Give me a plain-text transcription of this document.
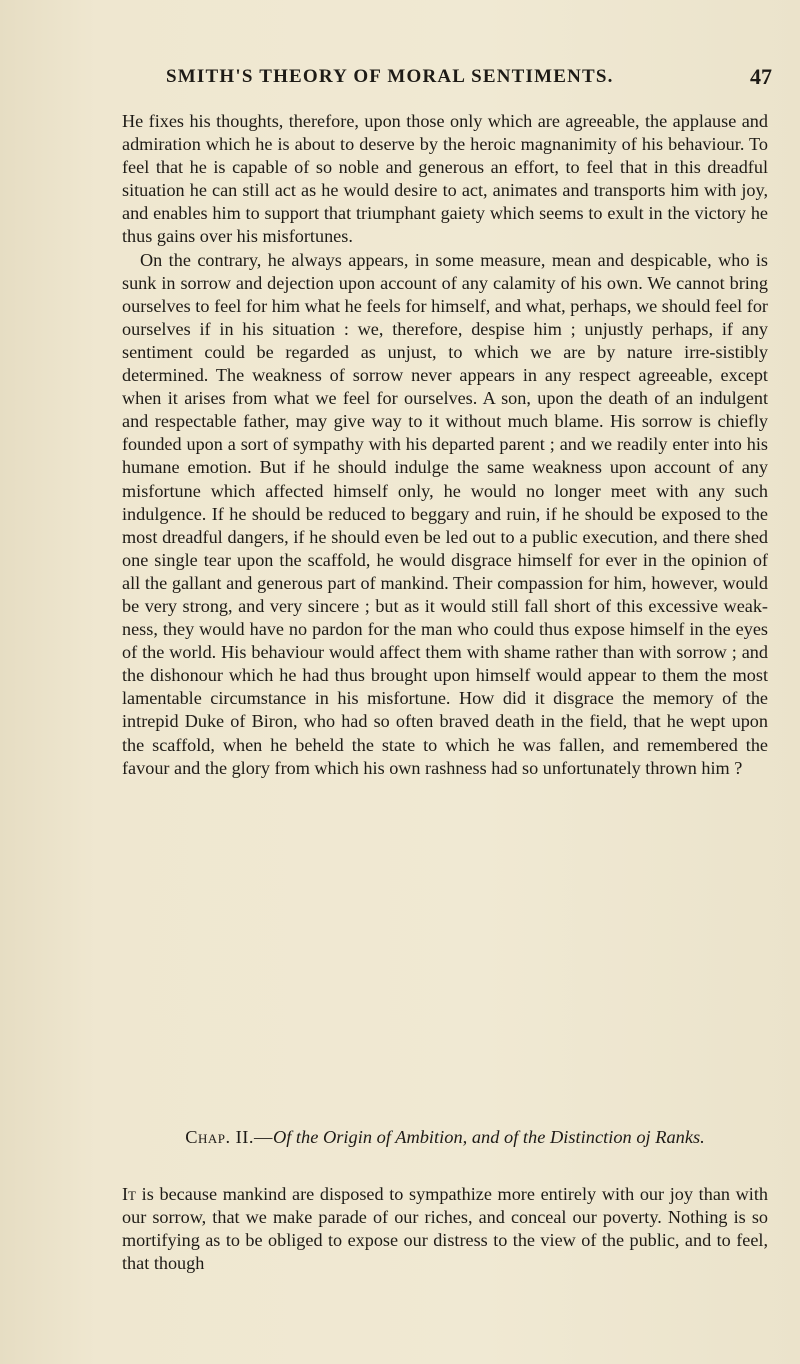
SMITH'S THEORY OF MORAL SENTIMENTS.	47

He fixes his thoughts, therefore, upon those only which are agreeable, the applause and admiration which he is about to deserve by the heroic magnanimity of his behaviour. To feel that he is capable of so noble and generous an effort, to feel that in this dreadful situation he can still act as he would desire to act, animates and transports him with joy, and enables him to support that triumphant gaiety which seems to exult in the victory he thus gains over his misfortunes.

On the contrary, he always appears, in some measure, mean and despicable, who is sunk in sorrow and dejection upon account of any calamity of his own. We cannot bring ourselves to feel for him what he feels for himself, and what, perhaps, we should feel for ourselves if in his situation : we, therefore, despise him ; unjustly perhaps, if any sentiment could be regarded as unjust, to which we are by nature irre-sistibly determined. The weakness of sorrow never appears in any respect agreeable, except when it arises from what we feel for ourselves. A son, upon the death of an indulgent and respectable father, may give way to it without much blame. His sorrow is chiefly founded upon a sort of sympathy with his departed parent ; and we readily enter into his humane emotion. But if he should indulge the same weakness upon account of any misfortune which affected himself only, he would no longer meet with any such indulgence. If he should be reduced to beggary and ruin, if he should be exposed to the most dreadful dangers, if he should even be led out to a public execution, and there shed one single tear upon the scaffold, he would disgrace himself for ever in the opinion of all the gallant and generous part of mankind. Their compassion for him, however, would be very strong, and very sincere ; but as it would still fall short of this excessive weak-ness, they would have no pardon for the man who could thus expose himself in the eyes of the world. His behaviour would affect them with shame rather than with sorrow ; and the dishonour which he had thus brought upon himself would appear to them the most lamentable circumstance in his misfortune. How did it disgrace the memory of the intrepid Duke of Biron, who had so often braved death in the field, that he wept upon the scaffold, when he beheld the state to which he was fallen, and remembered the favour and the glory from which his own rashness had so unfortunately thrown him ?

Chap. II.—Of the Origin of Ambition, and of the Distinction oj Ranks.

It is because mankind are disposed to sympathize more entirely with our joy than with our sorrow, that we make parade of our riches, and conceal our poverty. Nothing is so mortifying as to be obliged to expose our distress to the view of the public, and to feel, that though
